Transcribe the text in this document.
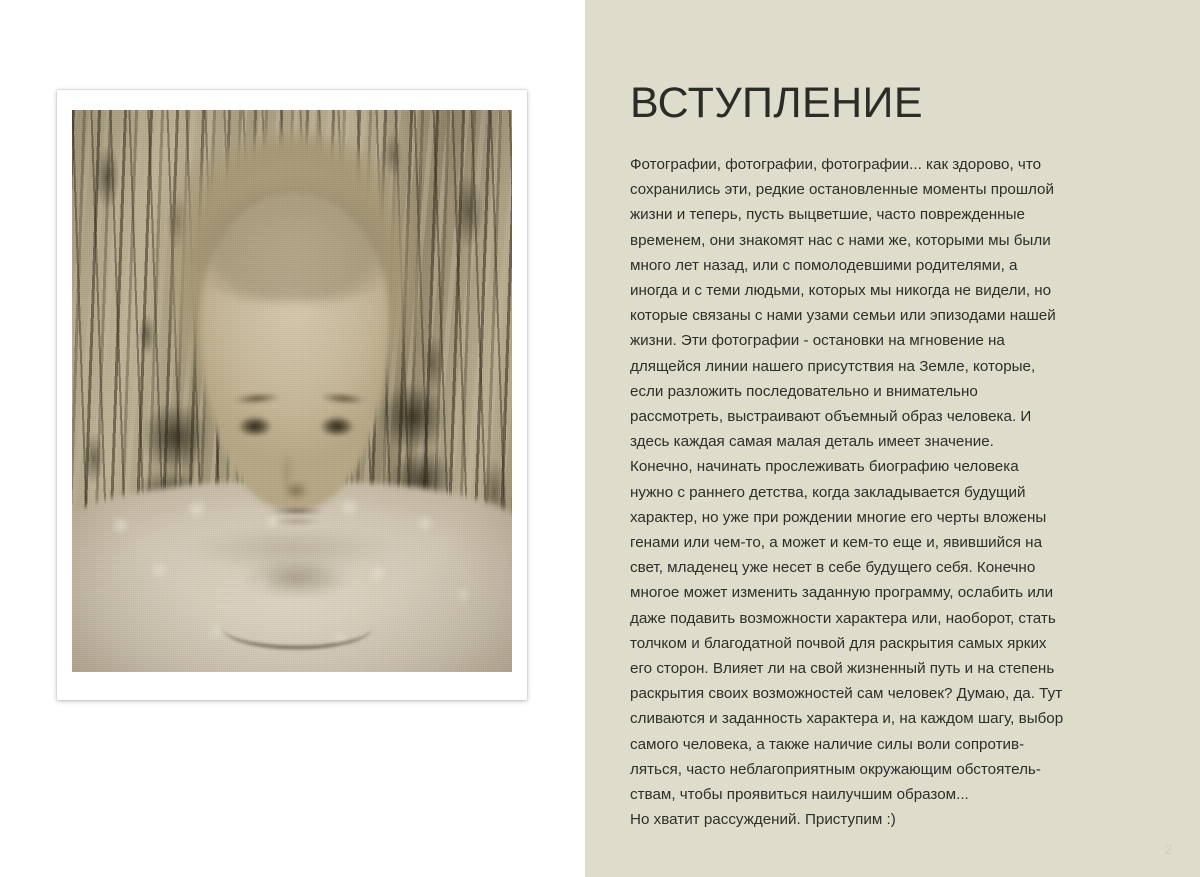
ВСТУПЛЕНИЕ
Фотографии, фотографии, фотографии... как здорово, что
сохранились эти, редкие остановленные моменты прошлой
жизни и теперь, пусть выцветшие, часто поврежденные
временем, они знакомят нас с нами же, которыми мы были
много лет назад, или с помолодевшими родителями, а
иногда и с теми людьми, которых мы никогда не видели, но
которые связаны с нами узами семьи или эпизодами нашей
жизни. Эти фотографии - остановки на мгновение на
длящейся линии нашего присутствия на Земле, которые,
если разложить последовательно и внимательно
рассмотреть, выстраивают объемный образ человека. И
здесь каждая самая малая деталь имеет значение.
Конечно, начинать прослеживать биографию человека
нужно с раннего детства, когда закладывается будущий
характер, но уже при рождении многие его черты вложены
генами или чем-то, а может и кем-то еще и, явившийся на
свет, младенец уже несет в себе будущего себя. Конечно
многое может изменить заданную программу, ослабить или
даже подавить возможности характера или, наоборот, стать
толчком и благодатной почвой для раскрытия самых ярких
его сторон. Влияет ли на свой жизненный путь и на степень
раскрытия своих возможностей сам человек? Думаю, да. Тут
сливаются и заданность характера и, на каждом шагу, выбор
самого человека, а также наличие силы воли сопротив-
ляться, часто неблагоприятным окружающим обстоятель-
ствам, чтобы проявиться наилучшим образом...
Но хватит рассуждений. Приступим :)
2
